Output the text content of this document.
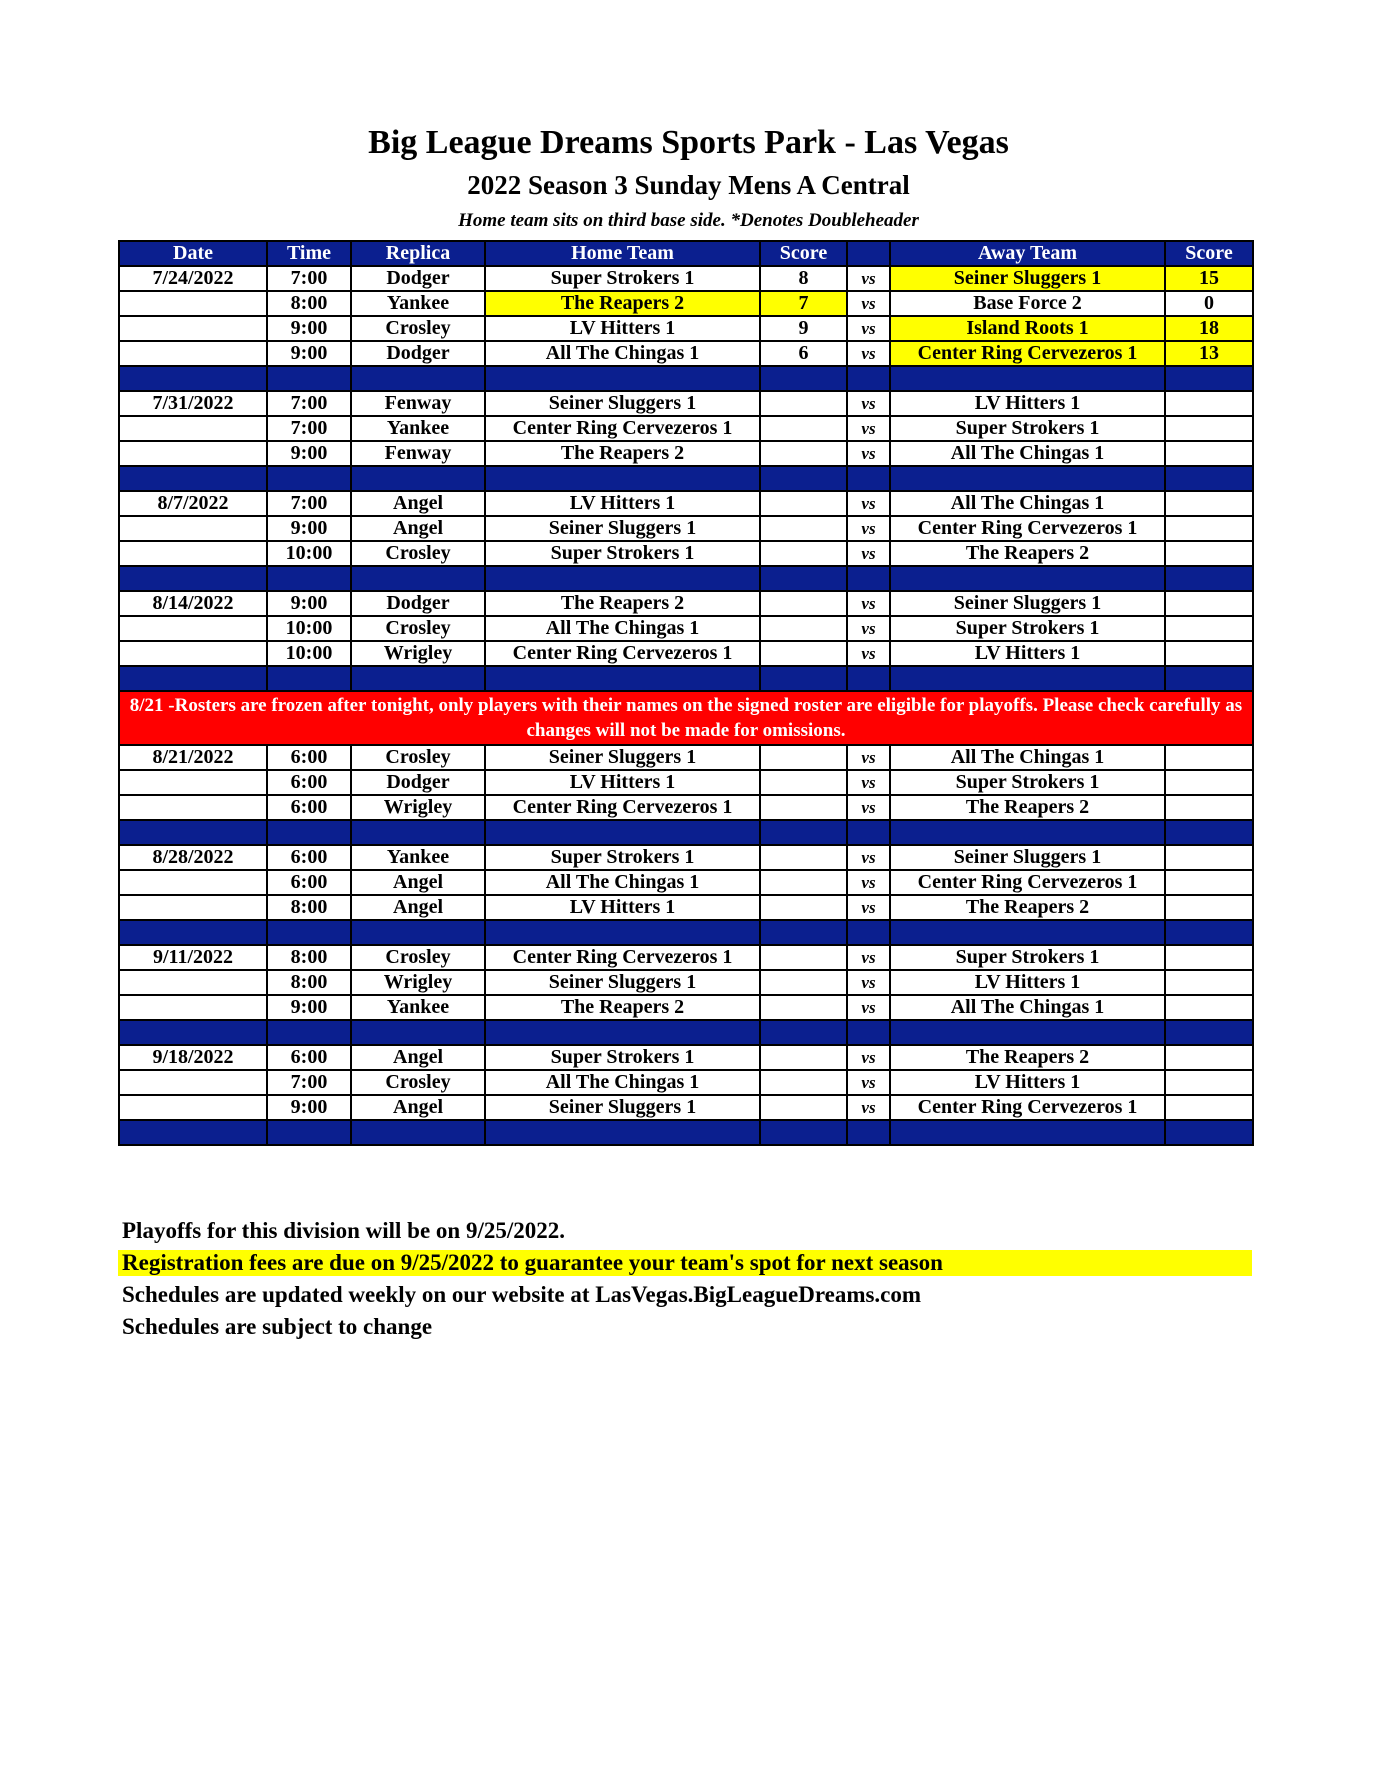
Big League Dreams Sports Park - Las Vegas
2022 Season 3 Sunday Mens A Central
Home team sits on third base side. *Denotes Doubleheader
Date	Time	Replica	Home Team	Score		Away Team	Score
7/24/2022	7:00	Dodger	Super Strokers 1	8	vs	Seiner Sluggers 1	15
	8:00	Yankee	The Reapers 2	7	vs	Base Force 2	0
	9:00	Crosley	LV Hitters 1	9	vs	Island Roots 1	18
	9:00	Dodger	All The Chingas 1	6	vs	Center Ring Cervezeros 1	13

7/31/2022	7:00	Fenway	Seiner Sluggers 1		vs	LV Hitters 1	
	7:00	Yankee	Center Ring Cervezeros 1		vs	Super Strokers 1	
	9:00	Fenway	The Reapers 2		vs	All The Chingas 1	

8/7/2022	7:00	Angel	LV Hitters 1		vs	All The Chingas 1	
	9:00	Angel	Seiner Sluggers 1		vs	Center Ring Cervezeros 1	
	10:00	Crosley	Super Strokers 1		vs	The Reapers 2	

8/14/2022	9:00	Dodger	The Reapers 2		vs	Seiner Sluggers 1	
	10:00	Crosley	All The Chingas 1		vs	Super Strokers 1	
	10:00	Wrigley	Center Ring Cervezeros 1		vs	LV Hitters 1	

8/21 -Rosters are frozen after tonight, only players with their names on the signed roster are eligible for playoffs. Please check carefully as changes will not be made for omissions.							
8/21/2022	6:00	Crosley	Seiner Sluggers 1		vs	All The Chingas 1	
	6:00	Dodger	LV Hitters 1		vs	Super Strokers 1	
	6:00	Wrigley	Center Ring Cervezeros 1		vs	The Reapers 2	

8/28/2022	6:00	Yankee	Super Strokers 1		vs	Seiner Sluggers 1	
	6:00	Angel	All The Chingas 1		vs	Center Ring Cervezeros 1	
	8:00	Angel	LV Hitters 1		vs	The Reapers 2	

9/11/2022	8:00	Crosley	Center Ring Cervezeros 1		vs	Super Strokers 1	
	8:00	Wrigley	Seiner Sluggers 1		vs	LV Hitters 1	
	9:00	Yankee	The Reapers 2		vs	All The Chingas 1	

9/18/2022	6:00	Angel	Super Strokers 1		vs	The Reapers 2	
	7:00	Crosley	All The Chingas 1		vs	LV Hitters 1	
	9:00	Angel	Seiner Sluggers 1		vs	Center Ring Cervezeros 1	

Playoffs for this division will be on 9/25/2022.
Registration fees are due on 9/25/2022 to guarantee your team's spot for next season
Schedules are updated weekly on our website at LasVegas.BigLeagueDreams.com
Schedules are subject to change
